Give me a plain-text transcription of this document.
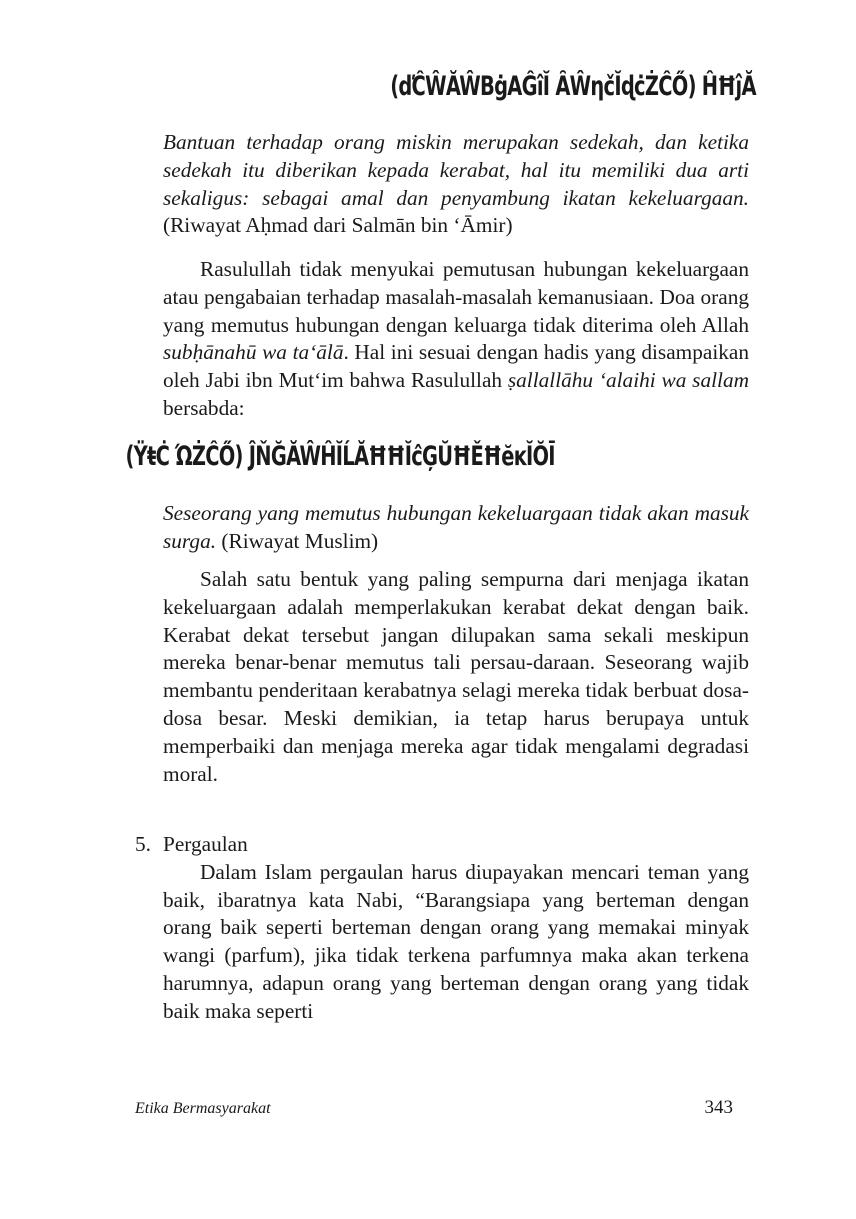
(ďĈŴĂŴBġAĜîĬ ȂŴƞčĬɖċŻĈŐ) ĤĦĵĂ

Bantuan terhadap orang miskin merupakan sedekah, dan ketika sedekah itu diberikan kepada kerabat, hal itu memiliki dua arti sekaligus: sebagai amal dan penyambung ikatan kekeluargaan. (Riwayat Aḥmad dari Salmān bin ‘Āmir)

Rasulullah tidak menyukai pemutusan hubungan kekeluargaan atau pengabaian terhadap masalah-masalah kemanusiaan. Doa orang yang memutus hubungan dengan keluarga tidak diterima oleh Allah subḥānahū wa ta‘ālā. Hal ini sesuai dengan hadis yang disampaikan oleh Jabi ibn Mut‘im bahwa Rasulullah ṣallallāhu ‘alaihi wa sallam bersabda:

(ŸŧĊ ΏŻĈŐ) ĴŇĞĂŴĤĬĹĂĦĦĬĉĢŬĦĚĦĕĸĬŎĪ

Seseorang yang memutus hubungan kekeluargaan tidak akan masuk surga. (Riwayat Muslim)

Salah satu bentuk yang paling sempurna dari menjaga ikatan kekeluargaan adalah memperlakukan kerabat dekat dengan baik. Kerabat dekat tersebut jangan dilupakan sama sekali meskipun mereka benar-benar memutus tali persau-daraan. Seseorang wajib membantu penderitaan kerabatnya selagi mereka tidak berbuat dosa-dosa besar. Meski demikian, ia tetap harus berupaya untuk memperbaiki dan menjaga mereka agar tidak mengalami degradasi moral.

5. Pergaulan

Dalam Islam pergaulan harus diupayakan mencari teman yang baik, ibaratnya kata Nabi, “Barangsiapa yang berteman dengan orang baik seperti berteman dengan orang yang memakai minyak wangi (parfum), jika tidak terkena parfumnya maka akan terkena harumnya, adapun orang yang berteman dengan orang yang tidak baik maka seperti

Etika Bermasyarakat	343
